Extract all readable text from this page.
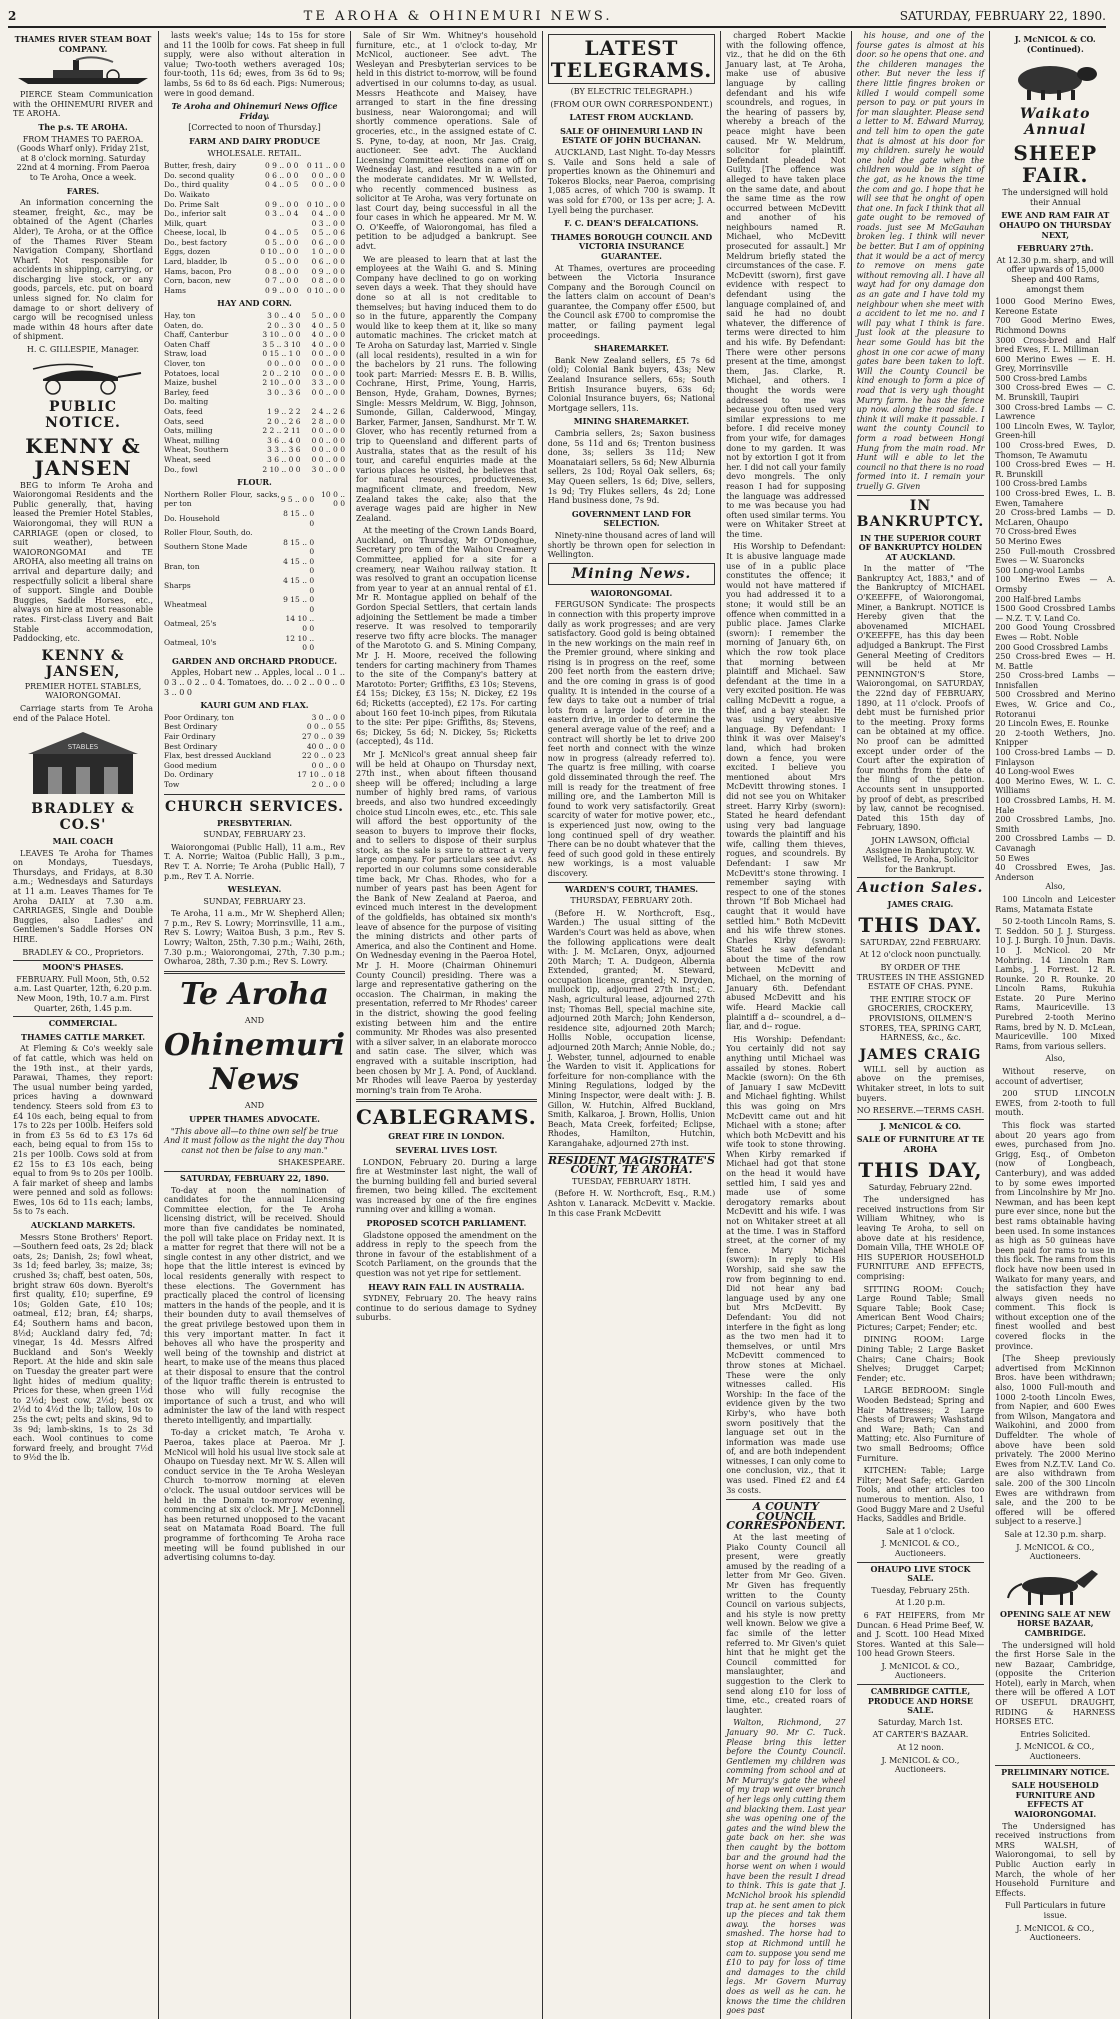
2	TE AROHA & OHINEMURI NEWS.	SATURDAY, FEBRUARY 22, 1890.
THAMES RIVER STEAM BOAT COMPANY.

PIERCE Steam Communication with the OHINEMURI RIVER and TE AROHA.

The p.s. TE AROHA.

FROM THAMES TO PAEROA. (Goods Wharf only). Friday 21st, at 8 o'clock morning. Saturday 22nd at 4 morning. From Paeroa to Te Aroha, Once a week.

FARES.

An information concerning the steamer, freight, &c., may be obtained of the Agent (Charles Alder), Te Aroha, or at the Office of the Thames River Steam Navigation Company, Shortland Wharf. Not responsible for accidents in shipping, carrying, or discharging live stock, or any goods, parcels, etc. put on board unless signed for. No claim for damage to or short delivery of cargo will be recognised unless made within 48 hours after date of shipment.

H. C. GILLESPIE, Manager.

PUBLIC NOTICE.
KENNY & JANSEN

BEG to inform Te Aroha and Waiorongomai Residents and the Public generally, that, having leased the Premier Hotel Stables, Waiorongomai, they will RUN a CARRIAGE (open or closed, to suit weather), between WAIORONGOMAI and TE AROHA, also meeting all trains on arrival and departure daily; and respectfully solicit a liberal share of support. Single and Double Buggies, Saddle Horses, etc., always on hire at most reasonable rates. First-class Livery and Bait Stable accommodation, Paddocking, etc.

KENNY & JANSEN,

PREMIER HOTEL STABLES, WAIORONGOMAI.

Carriage starts from Te Aroha end of the Palace Hotel.

STABLES
BRADLEY & CO.S'
MAIL COACH

LEAVES Te Aroha for Thames on Mondays, Tuesdays, Thursdays, and Fridays, at 8.30 a.m.; Wednesdays and Saturdays at 11 a.m. Leaves Thames for Te Aroha DAILY at 7.30 a.m. CARRIAGES, Single and Double Buggies, also Ladies' and Gentlemen's Saddle Horses ON HIRE.

BRADLEY & CO., Proprietors.

MOON'S PHASES.

FEBRUARY. Full Moon, 5th, 0.52 a.m. Last Quarter, 12th, 6.20 p.m. New Moon, 19th, 10.7 a.m. First Quarter, 26th, 1.45 p.m.

COMMERCIAL.
THAMES CATTLE MARKET.

At Fleming & Co's weekly sale of fat cattle, which was held on the 19th inst., at their yards, Parawai, Thames, they report: The usual number being yarded, prices having a downward tendency. Steers sold from £3 to £4 10s each, being equal to from 17s to 22s per 100lb. Heifers sold in from £3 5s 6d to £3 17s 6d each, being equal to from 15s to 21s per 100lb. Cows sold at from £2 15s to £3 10s each, being equal to from 9s to 20s per 100lb. A fair market of sheep and lambs were penned and sold as follows: Ewes, 10s 6d to 11s each; lambs, 5s to 7s each.

AUCKLAND MARKETS.

Messrs Stone Brothers' Report.—Southern feed oats, 2s 2d; black oats, 2s; Danish, 2s; fowl wheat, 3s 1d; feed barley, 3s; maize, 3s; crushed 3s; chaff, best oaten, 50s, bright straw 60s down. Byerolt's first quality, £10; superfine, £9 10s; Golden Gate, £10 10s; oatmeal, £12; bran, £4; sharps, £4; Southern hams and bacon, 8½d; Auckland dairy fed, 7d; vinegar, 1s 4d. Messrs Alfred Buckland and Son's Weekly Report. At the hide and skin sale on Tuesday the greater part were light hides of medium quality; Prices for these, when green 1½d to 2½d; best cow, 2½d; best ox 2½d to 4½d the lb; tallow, 10s to 25s the cwt; pelts and skins, 9d to 3s 9d; lamb-skins, 1s to 2s 3d each. Wool continues to come forward freely, and brought 7½d to 9½d the lb.

lasts week's value; 14s to 15s for store and 11 the 100lb for cows. Fat sheep in full supply, were also without alteration in value; Two-tooth wethers averaged 10s; four-tooth, 11s 6d; ewes, from 3s 6d to 9s; lambs, 5s 6d to 8s 6d each. Pigs: Numerous; were in good demand.

Te Aroha and Ohinemuri News Office Friday.

[Corrected to noon of Thursday.]

FARM AND DAIRY PRODUCE

WHOLESALE. RETAIL.

Butter, fresh, dairy	0 9 .. 0 0	0 11 .. 0 0
Do. second quality	0 6 .. 0 0	0 0 .. 0 0
Do., third quality	0 4 .. 0 5	0 0 .. 0 0
Do. Waikato		
Do. Prime Salt	0 9 .. 0 0	0 10 .. 0 0
Do., inferior salt	0 3 .. 0 4	0 4 .. 0 0
Milk, quart		0 3 .. 0 0
Cheese, local, lb	0 4 .. 0 5	0 5 .. 0 6
Do., best factory	0 5 .. 0 0	0 6 .. 0 0
Eggs, dozen	0 10 .. 0 0	1 0 .. 0 0
Lard, bladder, lb	0 5 .. 0 0	0 6 .. 0 0
Hams, bacon, Pro	0 8 .. 0 0	0 9 .. 0 0
Corn, bacon, new	0 7 .. 0 0	0 8 .. 0 0
Hams	0 9 .. 0 0	0 10 .. 0 0
HAY AND CORN.
Hay, ton	3 0 .. 4 0	5 0 .. 0 0
Oaten, do.	2 0 .. 3 0	4 0 .. 5 0
Chaff, Canterbur	3 10 .. 0 0	4 0 .. 0 0
Oaten Chaff	3 5 .. 3 10	4 0 .. 0 0
Straw, load	0 15 .. 1 0	0 0 .. 0 0
Clover, ton	0 0 .. 0 0	0 0 .. 0 0
Potatoes, local	2 0 .. 2 10	0 0 .. 0 0
Maize, bushel	2 10 .. 0 0	3 3 .. 0 0
Barley, feed	3 0 .. 3 6	0 0 .. 0 0
Do. malting		
Oats, feed	1 9 .. 2 2	2 4 .. 2 6
Oats, seed	2 0 .. 2 6	2 8 .. 0 0
Oats, milling	2 2 .. 2 11	0 0 .. 0 0
Wheat, milling	3 6 .. 4 0	0 0 .. 0 0
Wheat, Southern	3 3 .. 3 6	0 0 .. 0 0
Wheat, seed	3 6 .. 0 0	0 0 .. 0 0
Do., fowl	2 10 .. 0 0	3 0 .. 0 0
FLOUR.
Northern Roller Flour, sacks, per ton	9 5 .. 0 0	10 0 .. 0 0
Do. Household	8 15 .. 0 0	
Roller Flour, South, do.		
Southern Stone Made	8 15 .. 0 0	
Bran, ton	4 15 .. 0 0	
Sharps	4 15 .. 0 0	
Wheatmeal	9 15 .. 0 0	
Oatmeal, 25's	14 10 .. 0 0	
Oatmeal, 10's	12 10 .. 0 0	
GARDEN AND ORCHARD PRODUCE.

Apples, Hobart new .. Apples, local .. 0 1 .. 0 3 .. 0 2 .. 0 4. Tomatoes, do. .. 0 2 .. 0 0 .. 0 3 .. 0 0

KAURI GUM AND FLAX.
Poor Ordinary, ton	3 0 .. 0 0	
Best Ordinary	0 0 .. 0 55	
Fair Ordinary	27 0 .. 0 39	
Best Ordinary	40 0 .. 0 0	
Flax, best dressed Auckland	22 0 .. 0 23	
Good medium	0 0 .. 0 0	
Do. Ordinary	17 10 .. 0 18	
Tow	2 0 .. 0 0	
CHURCH SERVICES.
PRESBYTERIAN.

SUNDAY, FEBRUARY 23.

Waiorongomai (Public Hall), 11 a.m., Rev T. A. Norrie; Waitoa (Public Hall), 3 p.m., Rev T. A. Norrie; Te Aroha (Public Hall), 7 p.m., Rev T. A. Norrie.

WESLEYAN.

SUNDAY, FEBRUARY 23.

Te Aroha, 11 a.m., Mr W. Shepherd Allen; 7 p.m., Rev S. Lowry; Morrinsville, 11 a.m., Rev S. Lowry; Waitoa Bush, 3 p.m., Rev S. Lowry; Walton, 25th, 7.30 p.m.; Waihi, 26th, 7.30 p.m.; Waiorongomai, 27th, 7.30 p.m.; Owharoa, 28th, 7.30 p.m.; Rev S. Lowry.

Te Aroha
AND
Ohinemuri News
AND
UPPER THAMES ADVOCATE.

"This above all—to thine own self be true And it must follow as the night the day Thou canst not then be false to any man."

SHAKESPEARE.

SATURDAY, FEBRUARY 22, 1890.

To-day at noon the nomination of candidates for the annual Licensing Committee election, for the Te Aroha licensing district, will be received. Should more than five candidates be nominated, the poll will take place on Friday next. It is a matter for regret that there will not be a single contest in any other district, and we hope that the little interest is evinced by local residents generally with respect to these elections. The Government has practically placed the control of licensing matters in the hands of the people, and it is their bounden duty to avail themselves of the great privilege bestowed upon them in this very important matter. In fact it behoves all who have the prosperity and well being of the township and district at heart, to make use of the means thus placed at their disposal to ensure that the control of the liquor traffic therein is entrusted to those who will fully recognise the importance of such a trust, and who will administer the law of the land with respect thereto intelligently, and impartially.

To-day a cricket match, Te Aroha v. Paeroa, takes place at Paeroa. Mr J. McNicol will hold his usual live stock sale at Ohaupo on Tuesday next. Mr W. S. Allen will conduct service in the Te Aroha Wesleyan Church to-morrow morning at eleven o'clock. The usual outdoor services will be held in the Domain to-morrow evening, commencing at six o'clock. Mr J. McDonnell has been returned unopposed to the vacant seat on Matamata Road Board. The full programme of forthcoming Te Aroha race meeting will be found published in our advertising columns to-day.

Sale of Sir Wm. Whitney's household furniture, etc., at 1 o'clock to-day, Mr McNicol, auctioneer. See advt. The Wesleyan and Presbyterian services to be held in this district to-morrow, will be found advertised in our columns to-day, as usual. Messrs Heathcote and Maisey, have arranged to start in the fine dressing business, near Waiorongomai; and will shortly commence operations. Sale of groceries, etc., in the assigned estate of C. S. Pyne, to-day, at noon, Mr Jas. Craig, auctioneer. See advt. The Auckland Licensing Committee elections came off on Wednesday last, and resulted in a win for the moderate candidates. Mr W. Wellsted, who recently commenced business as solicitor at Te Aroha, was very fortunate on last Court day, being successful in all the four cases in which he appeared. Mr M. W. O. O'Keeffe, of Waiorongomai, has filed a petition to be adjudged a bankrupt. See advt.

We are pleased to learn that at last the employees at the Waihi G. and S. Mining Company have declined to go on working seven days a week. That they should have done so at all is not creditable to themselves; but having induced them to do so in the future, apparently the Company would like to keep them at it, like so many automatic machines. The cricket match at Te Aroha on Saturday last, Married v. Single (all local residents), resulted in a win for the bachelors by 21 runs. The following took part: Married: Messrs E. B. B. Willis, Cochrane, Hirst, Prime, Young, Harris, Benson, Hyde, Graham, Downes, Byrnes; Single: Messrs Meldrum, W. Bigg, Johnson, Sumonde, Gillan, Calderwood, Mingay, Barker, Farmer, Jansen, Sandhurst. Mr T. W. Glover, who has recently returned from a trip to Queensland and different parts of Australia, states that as the result of his tour, and careful enquiries made at the various places he visited, he believes that for natural resources, productiveness, magnificent climate, and freedom, New Zealand takes the cake; also that the average wages paid are higher in New Zealand.

At the meeting of the Crown Lands Board, Auckland, on Thursday, Mr O'Donoghue, Secretary pro tem of the Waihou Creamery Committee, applied for a site for a creamery, near Waihou railway station. It was resolved to grant an occupation license from year to year at an annual rental of £1. Mr R. Montague applied on behalf of the Gordon Special Settlers, that certain lands adjoining the Settlement be made a timber reserve. It was resolved to temporarily reserve two fifty acre blocks. The manager of the Marototo G. and S. Mining Company, Mr J. H. Moore, received the following tenders for carting machinery from Thames to the site of the Company's battery at Marototo: Porter; Griffiths, £3 10s; Stevens, £4 15s; Dickey, £3 15s; N. Dickey, £2 19s 6d; Ricketts (accepted), £2 17s. For carting about 160 feet 10-inch pipes, from Rikutaia to the site: Per pipe: Griffiths, 8s; Stevens, 6s; Dickey, 5s 6d; N. Dickey, 5s; Ricketts (accepted), 4s 11d.

Mr J. McNicol's great annual sheep fair will be held at Ohaupo on Thursday next, 27th inst., when about fifteen thousand sheep will be offered; including a large number of highly bred rams, of various breeds, and also two hundred exceedingly choice stud Lincoln ewes, etc., etc. This sale will afford the best opportunity of the season to buyers to improve their flocks, and to sellers to dispose of their surplus stock, as the sale is sure to attract a very large company. For particulars see advt. As reported in our columns some considerable time back, Mr Chas. Rhodes, who for a number of years past has been Agent for the Bank of New Zealand at Paeroa, and evinced much interest in the development of the goldfields, has obtained six month's leave of absence for the purpose of visiting the mining districts and other parts of America, and also the Continent and Home. On Wednesday evening in the Paeroa Hotel, Mr J. H. Moore (Chairman Ohinemuri County Council) presiding. There was a large and representative gathering on the occasion. The Chairman, in making the presentation, referred to Mr Rhodes' career in the district, showing the good feeling existing between him and the entire community. Mr Rhodes was also presented with a silver salver, in an elaborate morocco and satin case. The silver, which was engraved with a suitable inscription, had been chosen by Mr J. A. Pond, of Auckland. Mr Rhodes will leave Paeroa by yesterday morning's train from Te Aroha.

CABLEGRAMS.
GREAT FIRE IN LONDON.
SEVERAL LIVES LOST.

LONDON, February 20. During a large fire at Westminster last night, the wall of the burning building fell and buried several firemen, two being killed. The excitement was increased by one of the fire engines running over and killing a woman.

PROPOSED SCOTCH PARLIAMENT.

Gladstone opposed the amendment on the address in reply to the speech from the throne in favour of the establishment of a Scotch Parliament, on the grounds that the question was not yet ripe for settlement.

HEAVY RAIN FALL IN AUSTRALIA.

SYDNEY, February 20. The heavy rains continue to do serious damage to Sydney suburbs.

LATEST TELEGRAMS.

(BY ELECTRIC TELEGRAPH.)

(FROM OUR OWN CORRESPONDENT.)

LATEST FROM AUCKLAND.
SALE OF OHINEMURI LAND IN ESTATE OF JOHN BUCHANAN.

AUCKLAND, Last Night. To-day Messrs S. Vaile and Sons held a sale of properties known as the Ohinemuri and Tokeros Blocks, near Paeroa, comprising 1,085 acres, of which 700 is swamp. It was sold for £700, or 13s per acre; J. A. Lyell being the purchaser.

F. C. DEAN'S DEFALCATIONS.
THAMES BOROUGH COUNCIL AND VICTORIA INSURANCE GUARANTEE.

At Thames, overtures are proceeding between the Victoria Insurance Company and the Borough Council on the latters claim on account of Dean's guarantee, the Company offer £500, but the Council ask £700 to compromise the matter, or failing payment legal proceedings.

SHAREMARKET.

Bank New Zealand sellers, £5 7s 6d (old); Colonial Bank buyers, 43s; New Zealand Insurance sellers, 65s; South British Insurance buyers, 63s 6d; Colonial Insurance buyers, 6s; National Mortgage sellers, 11s.

MINING SHAREMARKET.

Cambria sellers, 2s; Saxon business done, 5s 11d and 6s; Trenton business done, 3s; sellers 3s 11d; New Moanataiari sellers, 5s 6d; New Alburnia sellers, 2s 10d; Royal Oak sellers, 6s; May Queen sellers, 1s 6d; Dive, sellers, 1s 9d; Try Flukes sellers, 4s 2d; Lone Hand business done, 7s 9d.

GOVERNMENT LAND FOR SELECTION.

Ninety-nine thousand acres of land will shortly be thrown open for selection in Wellington.

Mining News.
WAIORONGOMAI.

FERGUSON Syndicate: The prospects in connection with this property improve daily as work progresses; and are very satisfactory. Good gold is being obtained in the new workings on the main reef in the Premier ground, where sinking and rising is in progress on the reef, some 200 feet north from the eastern drive; and the ore coming in grass is of good quality. It is intended in the course of a few days to take out a number of trial lots from a large lode of ore in the eastern drive, in order to determine the general average value of the reef; and a contract will shortly be let to drive 200 feet north and connect with the winze now in progress (already referred to). The quartz is free milling, with coarse gold disseminated through the reef. The mill is ready for the treatment of free milling ore, and the Lamberton Mill is found to work very satisfactorily. Great scarcity of water for motive power, etc., is experienced just now, owing to the long continued spell of dry weather. There can be no doubt whatever that the feed of such good gold in these entirely new workings, is a most valuable discovery.

WARDEN'S COURT, THAMES.

THURSDAY, FEBRUARY 20th.

(Before H. W. Northcroft, Esq., Warden.) The usual sitting of the Warden's Court was held as above, when the following applications were dealt with: J. M. McLaren, Onyx, adjourned 20th March; T. A. Dudgeon, Albernia Extended, granted; M. Steward, occupation license, granted; N. Dryden, mullock tip, adjourned 27th inst.; C. Nash, agricultural lease, adjourned 27th inst; Thomas Bell, special machine site, adjourned 20th March; John Kenderson, residence site, adjourned 20th March; Hollis Noble, occupation license, adjourned 20th March; Annie Noble, do.; J. Webster, tunnel, adjourned to enable the Warden to visit it. Applications for forfeiture for non-compliance with the Mining Regulations, lodged by the Mining Inspector, were dealt with: J. B. Gillon, W. Hutchin, Alfred Buckland, Smith, Kalkaroa, J. Brown, Hollis, Union Beach, Mata Creek, forfeited; Eclipse, Rhodes, Hamilton, Hutchin, Karangahake, adjourned 27th inst.

RESIDENT MAGISTRATE'S COURT, TE AROHA.

TUESDAY, FEBRUARY 18TH.

(Before H. W. Northcroft, Esq., R.M.) Ashton v. Lanarack. McDevitt v. Mackie. In this case Frank McDevitt

charged Robert Mackie with the following offence, viz., that he did on the 6th January last, at Te Aroha, make use of abusive language by calling defendant and his wife scoundrels, and rogues, in the hearing of passers by, whereby a breach of the peace might have been caused. Mr W. Meldrum, solicitor for plaintiff. Defendant pleaded Not Guilty. [The offence was alleged to have taken place on the same date, and about the same time as the row occurred between McDevitt and another of his neighbours named R. Michael, who McDevitt prosecuted for assault.] Mr Meldrum briefly stated the circumstances of the case. F. McDevitt (sworn), first gave evidence with respect to defendant using the language complained of, and said he had no doubt whatever, the difference of terms were directed to him and his wife. By Defendant: There were other persons present at the time, amongst them, Jas. Clarke, R. Michael, and others. I thought the words were addressed to me was because you often used very similar expressions to me before. I did receive money from your wife, for damages done to my garden. It was not by extortion I got it from her. I did not call your family devo mongrels. The only reason I had for supposing the language was addressed to me was because you had often used similar terms. You were on Whitaker Street at the time.

His Worship to Defendant: It is abusive language made use of in a public place constitutes the offence; it would not have mattered if you had addressed it to a stone; it would still be an offence when committed in a public place. James Clarke (sworn): I remember the morning of January 6th, on which the row took place that morning between plaintiff and Michael. Saw defendant at the time in a very excited position. He was calling McDevitt a rogue, a thief, and a bay stealer. He was using very abusive language. By Defendant: I think it was over Maisey's land, which had broken down a fence, you were excited. I believe you mentioned about Mrs McDevitt throwing stones. I did not see you on Whitaker street. Harry Kirby (sworn): Stated he heard defendant using very bad language towards the plaintiff and his wife, calling them thieves, rogues, and scoundrels. By Defendant: I saw Mr McDevitt's stone throwing. I remember saying with respect to one of the stones thrown "If Bob Michael had caught that it would have settled him." Both McDevitt and his wife threw stones. Charles Kirby (sworn): Stated he saw defendant about the time of the row between McDevitt and Michael, on the morning of January 6th. Defendant abused McDevitt and his wife. Heard Mackie call plaintiff a d-- scoundrel, a d-- liar, and d-- rogue.

His Worship: Defendant: You certainly did not say anything until Michael was assailed by stones. Robert Mackie (sworn): On the 6th of January I saw McDevitt and Michael fighting. Whilst this was going on Mrs McDevitt came out and hit Michael with a stone; after which both McDevitt and his wife took to stone throwing. When Kirby remarked if Michael had got that stone on the head it would have settled him, I said yes and made use of some derogatory remarks about McDevitt and his wife. I was not on Whitaker street at all at the time. I was in Stafford street, at the corner of my fence. Mary Michael (sworn): In reply to His Worship, said she saw the row from beginning to end. Did not hear any bad language used by any one but Mrs McDevitt. By Defendant: You did not interfere in the fight as long as the two men had it to themselves, or until Mrs McDevitt commenced to throw stones at Michael. These were the only witnesses called. His Worship: In the face of the evidence given by the two Kirby's, who have both sworn positively that the language set out in the information was made use of, and are both independent witnesses, I can only come to one conclusion, viz., that it was used. Fined £2 and £4 3s costs.

A COUNTY COUNCIL CORRESPONDENT.

At the last meeting of Piako County Council all present, were greatly amused by the reading of a letter from Mr Geo. Given. Mr Given has frequently written to the County Council on various subjects, and his style is now pretty well known. Below we give a fac simile of the letter referred to. Mr Given's quiet hint that he might get the Council committed for manslaughter, and suggestion to the Clerk to send along £10 for loss of time, etc., created roars of laughter.

Walton, Richmond, 27 January 90. Mr C. Tuck. Please bring this letter before the County Council. Gentlemen my children was comming from school and at Mr Murray's gate the wheel of my trap went over branch of her legs only cutting them and blacking them. Last year she was opening one of the gates and the wind blew the gate back on her. she was then caught by the bottom bar and the ground had the horse went on when i would have been the result I dread to think. This is gate that J. McNichol brook his splendid trap at. he sent amen to pick up the pieces and tak them away. the horses was smashed. The horse had to stop at Richmond untill he cam to. suppose you send me £10 to pay for loss of time and damages to the child legs. Mr Govern Murray does as well as he can. he knows the time the children goes past

his house, and one of the fourse gates is almost at his door. so he opens that one. and the childeren manages the other. But never the less if there little fingres broken or killed I would compell some person to pay. or put yours in for man slaughter. Please send a letter to M. Edward Murray, and tell him to open the gate that is almost at his door for my children. surely he would one hold the gate when the children would be in sight of the gat, as he knows the time the com and go. I hope that he will see that he onght of open that one. In fack I think that all gate ought to be removed of roads. just see M McGauhan broken leg. I think will never be better. But I am of oppining that it would be a act of mercy to remove on mens gate without removing all. I have all wayt had for ony damage don as an gate and I have told my neighbour when she meet with a accident to let me no. and I will pay what I think is fare. Just look at the pleasure to hear some Gould has bit the ghost in one cor acwe of many gates bare been taken to loft. Will the County Council be kind enough to form a pice of road that is very ugh thought Murry farm. he has the fence up now. along the road side. I think it will make it passable. I want the county Council to form a road between Hongi Hung from the main road. Mr Hunt will e able to let the council no that there is no road formed into it. I remain your truelly G. Given

IN BANKRUPTCY.
IN THE SUPERIOR COURT OF BANKRUPTCY HOLDEN AT AUCKLAND.

In the matter of "The Bankruptcy Act, 1883," and of the Bankruptcy of MICHAEL O'KEEFFE, of Waiorongomai, Miner, a Bankrupt. NOTICE is Hereby given that the abovenamed MICHAEL O'KEEFFE, has this day been adjudged a Bankrupt. The First General Meeting of Creditors will be held at Mr PENNINGTON'S Store, Waiorongomai, on SATURDAY, the 22nd day of FEBRUARY, 1890, at 11 o'clock. Proofs of debt must be furnished prior to the meeting. Proxy forms can be obtained at my office. No proof can be admitted except under order of the Court after the expiration of four months from the date of the filing of the petition. Accounts sent in unsupported by proof of debt, as prescribed by law, cannot be recognised. Dated this 15th day of February, 1890.

JOHN LAWSON, Official Assignee in Bankruptcy. W. Wellsted, Te Aroha, Solicitor for the Bankrupt.

Auction Sales.
JAMES CRAIG.
THIS DAY.

SATURDAY, 22nd FEBRUARY.

At 12 o'clock noon punctually.

BY ORDER OF THE TRUSTEES IN THE ASSIGNED ESTATE OF CHAS. PYNE.

THE ENTIRE STOCK OF GROCERIES, CROCKERY, PROVISIONS, OILMEN'S STORES, TEA, SPRING CART, HARNESS, &c., &c.

JAMES CRAIG

WILL sell by auction as above on the premises, Whitaker street, in lots to suit buyers.

NO RESERVE.—TERMS CASH.

J. McNICOL & CO.
SALE OF FURNITURE AT TE AROHA
THIS DAY,

Saturday, February 22nd.

The undersigned has received instructions from Sir William Whitney, who is leaving Te Aroha, to sell on above date at his residence, Domain Villa, THE WHOLE OF HIS SUPERIOR HOUSEHOLD FURNITURE AND EFFECTS, comprising:

SITTING ROOM: Couch; Large Round Table; Small Square Table; Book Case; American Bent Wood Chairs; Pictures; Carpet; Fender; etc.

DINING ROOM: Large Dining Table; 2 Large Basket Chairs; Cane Chairs; Book Shelves; Drugget Carpet; Fender; etc.

LARGE BEDROOM: Single Wooden Bedstead; Spring and Hair Mattresses; 2 Large Chests of Drawers; Washstand and Ware; Bath; Can and Matting; etc. Also Furniture of two small Bedrooms; Office Furniture.

KITCHEN: Table; Large Filter; Meat Safe; etc. Garden Tools, and other articles too numerous to mention. Also, 1 Good Buggy Mare and 2 Useful Hacks, Saddles and Bridle.

Sale at 1 o'clock.

J. McNICOL & CO., Auctioneers.

OHAUPO LIVE STOCK SALE.

Tuesday, February 25th.

At 1.20 p.m.

6 FAT HEIFERS, from Mr Duncan. 6 Head Prime Beef, W. and J. Scott. 100 Head Mixed Stores. Wanted at this Sale—100 head Grown Steers.

J. McNICOL & CO., Auctioneers.

CAMBRIDGE CATTLE, PRODUCE AND HORSE SALE.

Saturday, March 1st.

AT CARTER'S BAZAAR.

At 12 noon.

J. McNICOL & CO., Auctioneers.

J. McNICOL & CO. (Continued).
Waikato Annual
SHEEP FAIR.

The undersigned will hold their Annual

EWE AND RAM FAIR AT OHAUPO ON THURSDAY NEXT,
FEBRUARY 27th.

At 12.30 p.m. sharp, and will offer upwards of 15,000 Sheep and 400 Rams, amongst them

1000 Good Merino Ewes, Kereone Estate
700 Good Merino Ewes, Richmond Downs
3000 Cross-bred and Half bred Ewes, F. L. Milliman
600 Merino Ewes — E. H. Grey, Morrinsville
500 Cross-bred Lambs
300 Cross-bred Ewes — C. M. Brunskill, Taupiri
300 Cross-bred Lambs — C. Lawrence
100 Lincoln Ewes, W. Taylor, Green-hill
100 Cross-bred Ewes, D. Thomson, Te Awamutu
100 Cross-bred Ewes — H. R. Brunskill
100 Cross-bred Lambs
100 Cross-bred Ewes, L. B. Ewen, Tamahere
20 Cross-bred Lambs — D. McLaren, Ohaupo
70 Cross-bred Ewes
50 Merino Ewes
250 Full-mouth Crossbred Ewes — W. Suaroncks
500 Long-wool Lambs
100 Merino Ewes — A. Ormsby
200 Half-bred Lambs
1500 Good Crossbred Lambs — N.Z. T. V. Land Co.
200 Good Young Crossbred Ewes — Robt. Noble
200 Good Crossbred Lambs
250 Cross-bred Ewes — H. M. Battle
250 Cross-bred Lambs — Innisfallen
500 Crossbred and Merino Ewes, W. Grice and Co., Rotoranui
20 Lincoln Ewes, E. Rounke
20 2-tooth Wethers, Jno. Knipper
100 Cross-bred Lambs — D. Finlayson
40 Long-wool Ewes
400 Merino Ewes, W. L. C. Williams
100 Crossbred Lambs, H. M. Hale
200 Crossbred Lambs, Jno. Smith
200 Crossbred Lambs — D. Cavanagh
50 Ewes
40 Crossbred Ewes, Jas. Anderson

Also,

100 Lincoln and Leicester Rams, Matamata Estate

50 2-tooth Lincoln Rams, S. T. Seddon. 50 J. J. Sturgess. 10 J. J. Burgh. 10 Jnun. Davis. 10 J. McNicol. 20 Mr Mohring. 14 Lincoln Ram Lambs, J. Forrest. 12 R. Rounke. 20 R. Rounke. 20 Lincoln Rams, Rukuhia Estate. 20 Pure Merino Rams, Mauriceville. 13 Purebred 2-tooth Merino Rams, bred by N. D. McLean, Mauriceville. 100 Mixed Rams, from various sellers.

Also,

Without reserve, on account of advertiser,

200 STUD LINCOLN EWES, from 2-tooth to full mouth.

This flock was started about 20 years ago from ewes, purchased from Jno. Grigg, Esq., of Ombeton (now of Longbeach, Canterbury), and was added to by some ewes imported from Lincolnshire by Mr Jno. Newman, and has been kept pure ever since, none but the best rams obtainable having been used. In some instances as high as 50 guineas have been paid for rams to use in this flock. The rams from this flock have now been used in Waikato for many years, and the satisfaction they have always given needs no comment. This flock is without exception one of the finest woolled and best covered flocks in the province.

[The Sheep previously advertised from McKinnon Bros. have been withdrawn; also, 1000 Full-mouth and 1000 2-tooth Lincoln Ewes, from Napier, and 600 Ewes from Wilson, Mangatora and Waikohini, and 2000 from Duffeldter. The whole of above have been sold privately. The 2000 Merino Ewes from N.Z.T.V. Land Co. are also withdrawn from sale. 200 of the 300 Lincoln Ewes are withdrawn from sale, and the 200 to be offered will be offered subject to a reserve.]

Sale at 12.30 p.m. sharp.

J. McNICOL & CO., Auctioneers.

OPENING SALE AT NEW HORSE BAZAAR, CAMBRIDGE.

The undersigned will hold the first Horse Sale in the new Bazaar, Cambridge, (opposite the Criterion Hotel), early in March, when there will be offered A LOT OF USEFUL DRAUGHT, RIDING & HARNESS HORSES ETC.

Entries Solicited.

J. McNICOL & CO., Auctioneers.

PRELIMINARY NOTICE.
SALE HOUSEHOLD FURNITURE AND EFFECTS AT WAIORONGOMAI.

The Undersigned has received instructions from MRS WALSH, of Waiorongomai, to sell by Public Auction early in March, the whole of her Household Furniture and Effects.

Full Particulars in future issue.

J. McNICOL & CO., Auctioneers.
